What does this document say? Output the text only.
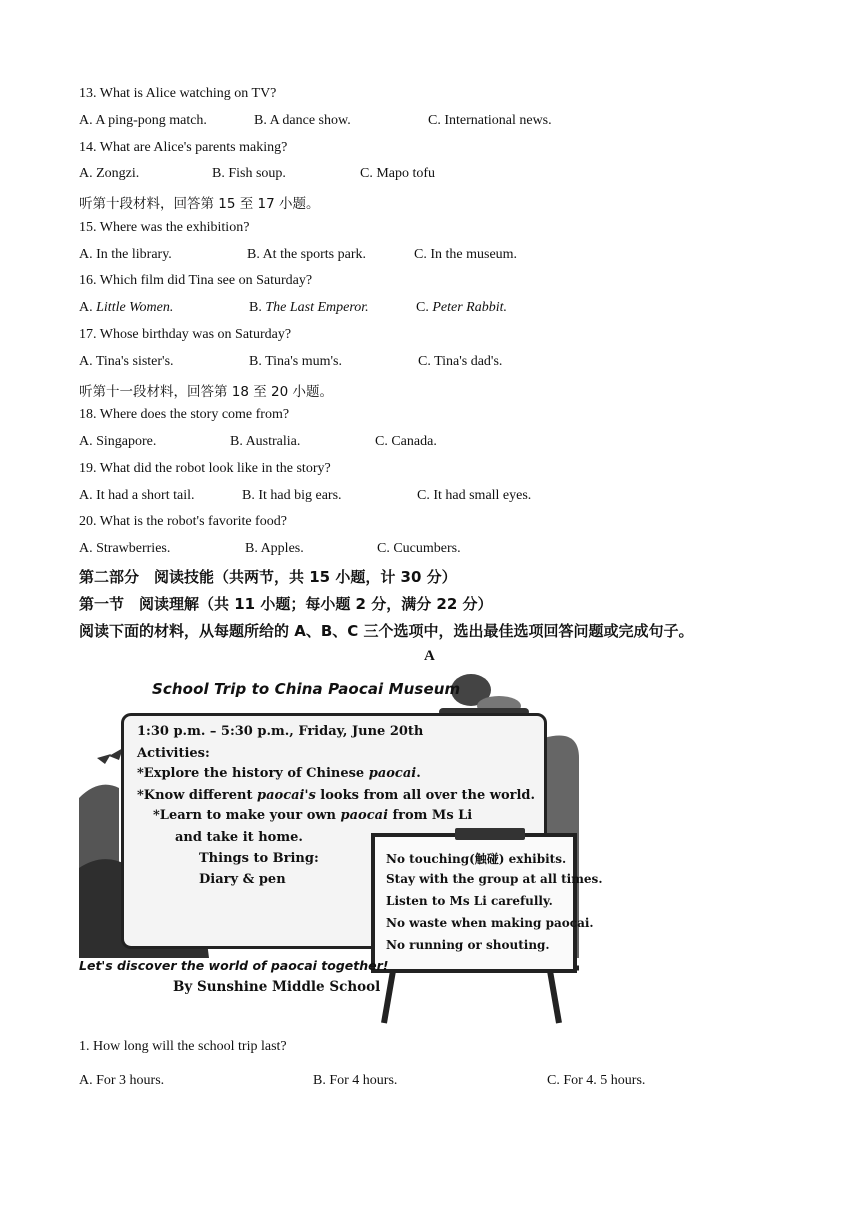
13. What is Alice watching on TV?
A. A ping-pong match.	B. A dance show.	C. International news.
14. What are Alice's parents making?
A. Zongzi.	B. Fish soup.	C. Mapo tofu
听第十段材料，回答第 15 至 17 小题。
15. Where was the exhibition?
A. In the library.	B. At the sports park.	C. In the museum.
16. Which film did Tina see on Saturday?
A. Little Women.	B. The Last Emperor.	C. Peter Rabbit.
17. Whose birthday was on Saturday?
A. Tina's sister's.	B. Tina's mum's.	C. Tina's dad's.
听第十一段材料，回答第 18 至 20 小题。
18. Where does the story come from?
A. Singapore.	B. Australia.	C. Canada.
19. What did the robot look like in the story?
A. It had a short tail.	B. It had big ears.	C. It had small eyes.
20. What is the robot's favorite food?
A. Strawberries.	B. Apples.	C. Cucumbers.
第二部分　阅读技能（共两节，共 15 小题，计 30 分）
第一节　阅读理解（共 11 小题；每小题 2 分，满分 22 分）
阅读下面的材料，从每题所给的 A、B、C 三个选项中，选出最佳选项回答问题或完成句子。
A
School Trip to China Paocai Museum
1:30 p.m. – 5:30 p.m., Friday, June 20th
Activities:
*Explore the history of Chinese paocai.
*Know different paocai's looks from all over the world.
*Learn to make your own paocai from Ms Li
and take it home.
Things to Bring:
Diary & pen
No touching(触碰) exhibits.
Stay with the group at all times.
Listen to Ms Li carefully.
No waste when making paocai.
No running or shouting.
Let's discover the world of paocai together!
By Sunshine Middle School
1. How long will the school trip last?
A. For 3 hours.	B. For 4 hours.	C. For 4. 5 hours.
